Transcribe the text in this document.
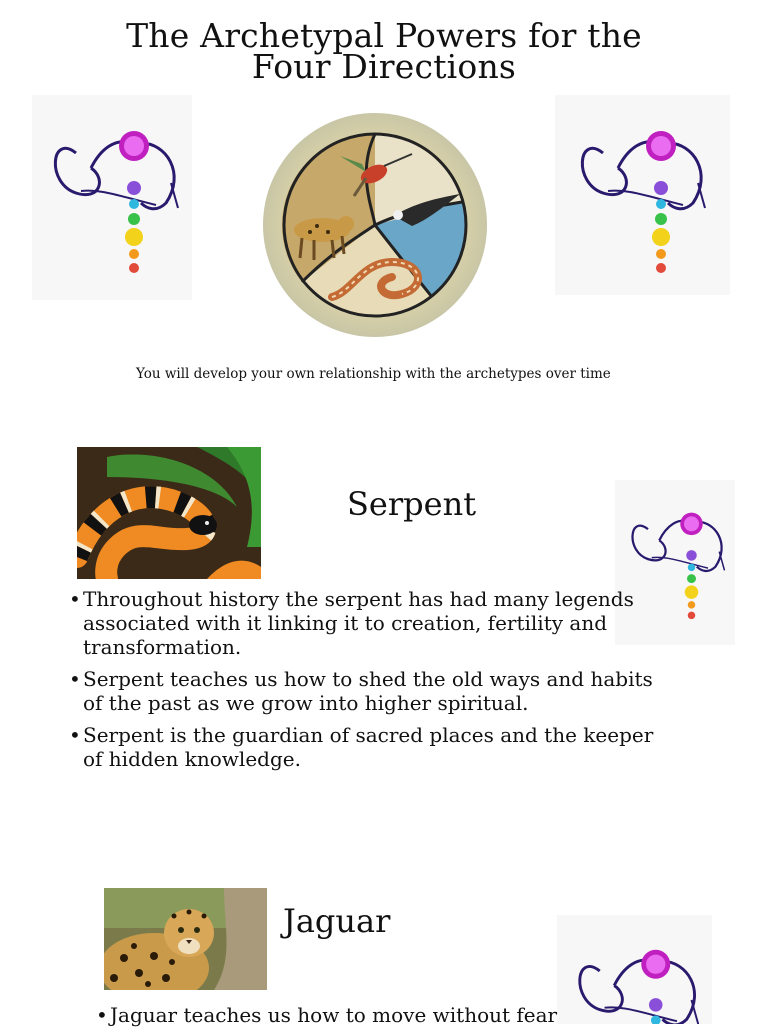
The Archetypal Powers for the
Four Directions
You will develop your own relationship with the archetypes over time
Serpent
• Throughout history the serpent has had many legends associated with it linking it to creation, fertility and transformation.
• Serpent teaches us how to shed the old ways and habits of the past as we grow into higher spiritual.
• Serpent is the guardian of sacred places and the keeper of hidden knowledge.
Jaguar
• Jaguar teaches us how to move without fear
